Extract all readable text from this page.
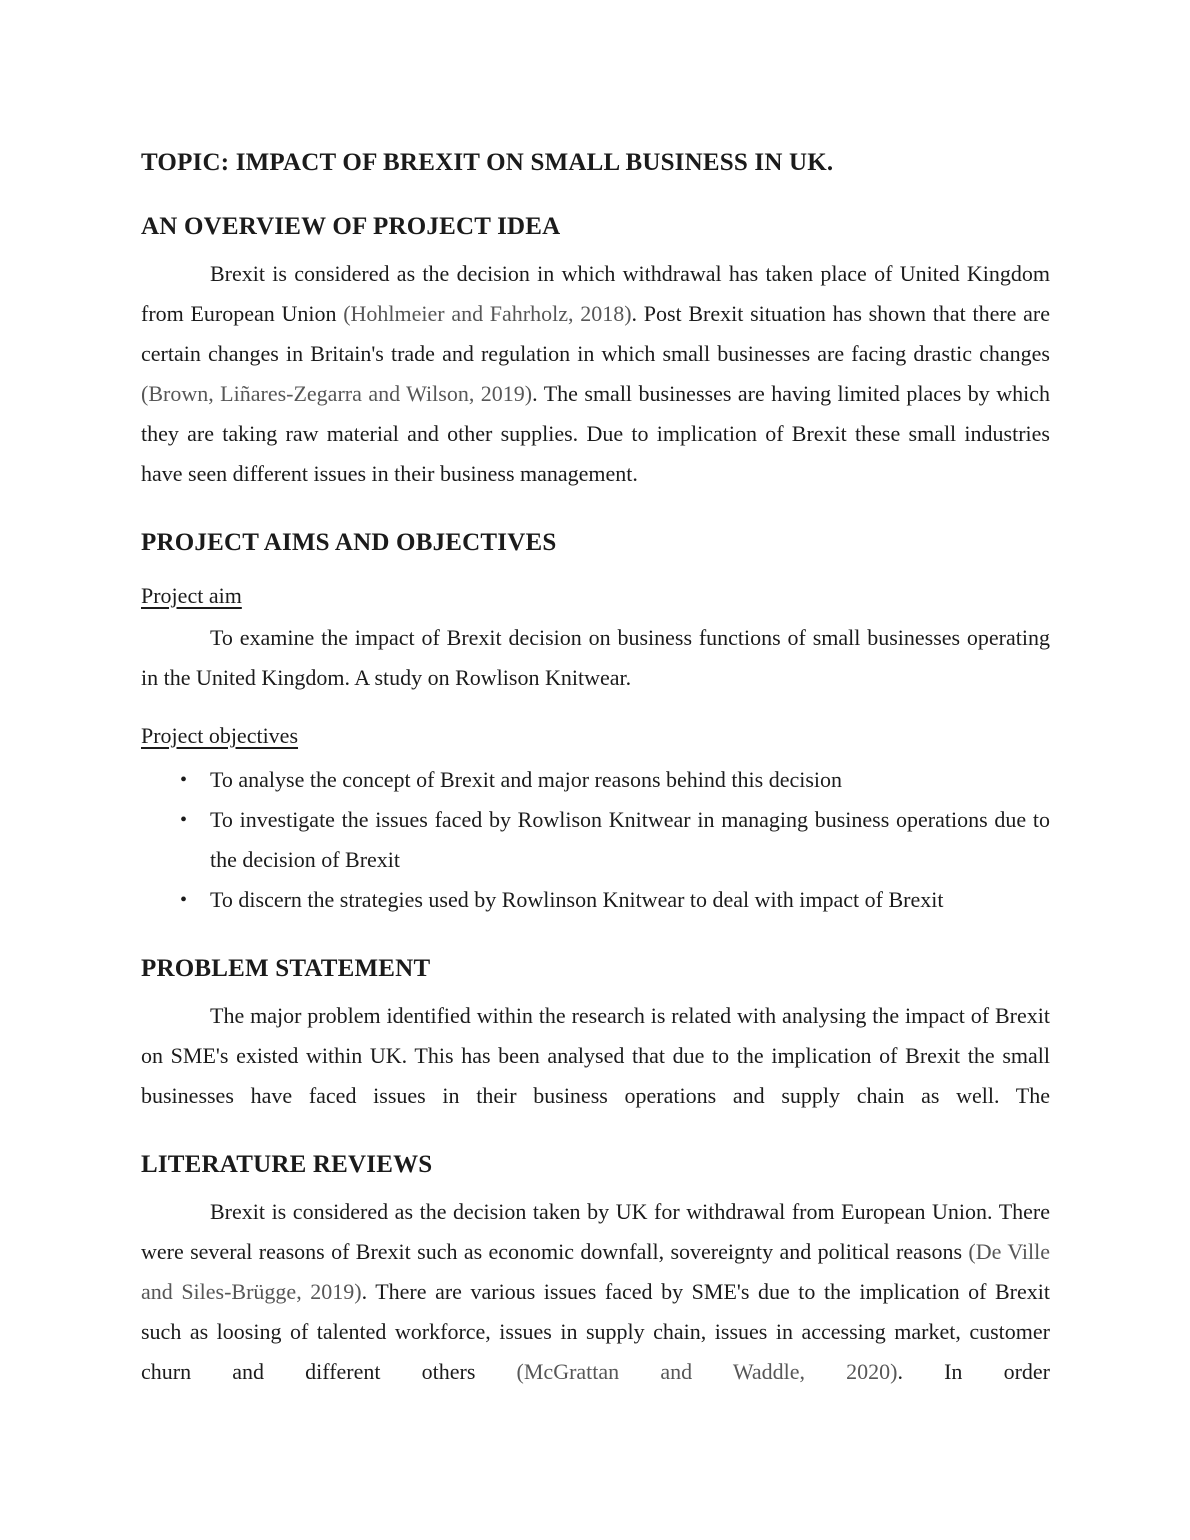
TOPIC: IMPACT OF BREXIT ON SMALL BUSINESS IN UK.
AN OVERVIEW OF PROJECT IDEA

Brexit is considered as the decision in which withdrawal has taken place of United Kingdom from European Union (Hohlmeier and Fahrholz, 2018). Post Brexit situation has shown that there are certain changes in Britain's trade and regulation in which small businesses are facing drastic changes (Brown, Liñares-Zegarra and Wilson, 2019). The small businesses are having limited places by which they are taking raw material and other supplies. Due to implication of Brexit these small industries have seen different issues in their business management.

PROJECT AIMS AND OBJECTIVES
Project aim

To examine the impact of Brexit decision on business functions of small businesses operating in the United Kingdom. A study on Rowlison Knitwear.

Project objectives
• To analyse the concept of Brexit and major reasons behind this decision
• To investigate the issues faced by Rowlison Knitwear in managing business operations due to the decision of Brexit
• To discern the strategies used by Rowlinson Knitwear to deal with impact of Brexit
PROBLEM STATEMENT

The major problem identified within the research is related with analysing the impact of Brexit on SME's existed within UK. This has been analysed that due to the implication of Brexit the small businesses have faced issues in their business operations and supply chain as well. The

LITERATURE REVIEWS

Brexit is considered as the decision taken by UK for withdrawal from European Union. There were several reasons of Brexit such as economic downfall, sovereignty and political reasons (De Ville and Siles-Brügge, 2019). There are various issues faced by SME's due to the implication of Brexit such as loosing of talented workforce, issues in supply chain, issues in accessing market, customer churn and different others (McGrattan and Waddle, 2020). In order
